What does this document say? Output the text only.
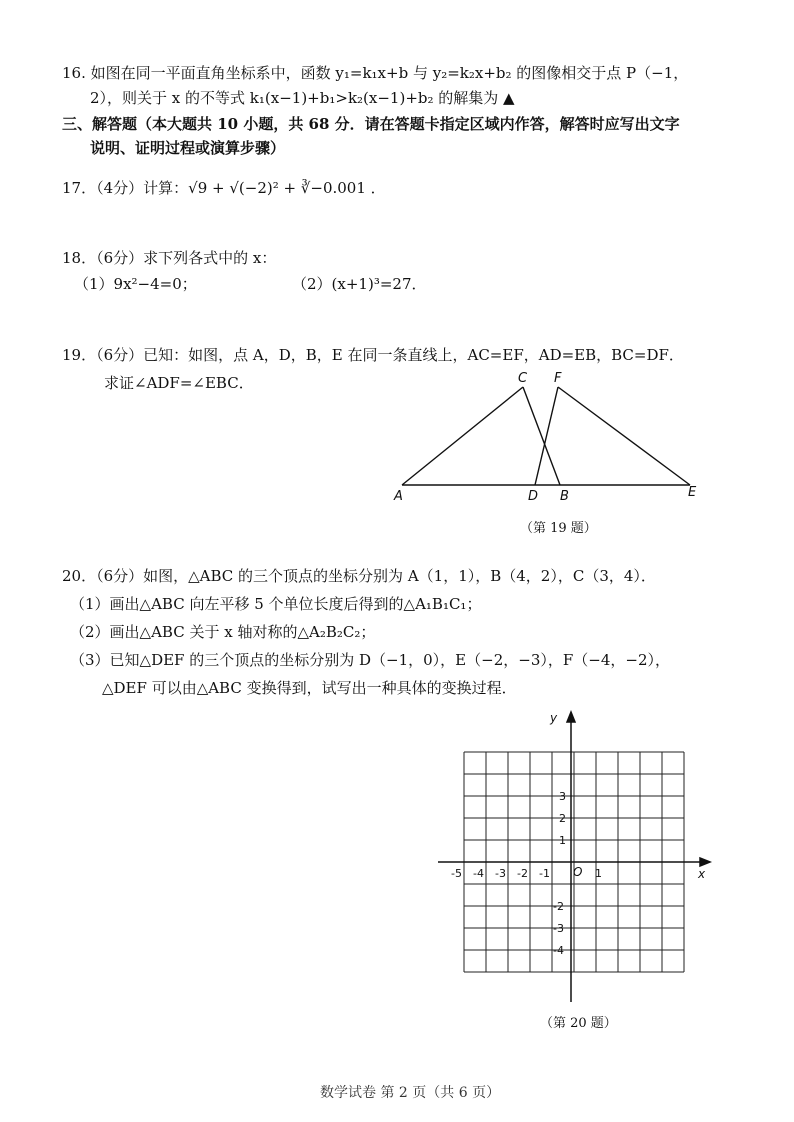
16. 如图在同一平面直角坐标系中，函数 y₁=k₁x+b 与 y₂=k₂x+b₂ 的图像相交于点 P（−1，
2），则关于 x 的不等式 k₁(x−1)+b₁>k₂(x−1)+b₂ 的解集为 ▲
三、解答题（本大题共 10 小题，共 68 分．请在答题卡指定区域内作答，解答时应写出文字
说明、证明过程或演算步骤）
17．（4分）计算：√9 + √(−2)² + ∛−0.001 ．
18．（6分）求下列各式中的 x：
（1）9x²−4=0；	（2）(x+1)³=27．
19．（6分）已知：如图，点 A，D，B，E 在同一条直线上，AC=EF，AD=EB，BC=DF．
求证∠ADF=∠EBC．
A	D B	E
C F
（第 19 题）
20．（6分）如图，△ABC 的三个顶点的坐标分别为 A（1，1），B（4，2），C（3，4）．
（1）画出△ABC 向左平移 5 个单位长度后得到的△A₁B₁C₁；
（2）画出△ABC 关于 x 轴对称的△A₂B₂C₂；
（3）已知△DEF 的三个顶点的坐标分别为 D（−1，0），E（−2，−3），F（−4，−2），
△DEF 可以由△ABC 变换得到，试写出一种具体的变换过程．
x
y
O
-5 -4 -3 -2 -1	1
3
2
1
-2
-3
-4
（第 20 题）
数学试卷 第 2 页（共 6 页）
